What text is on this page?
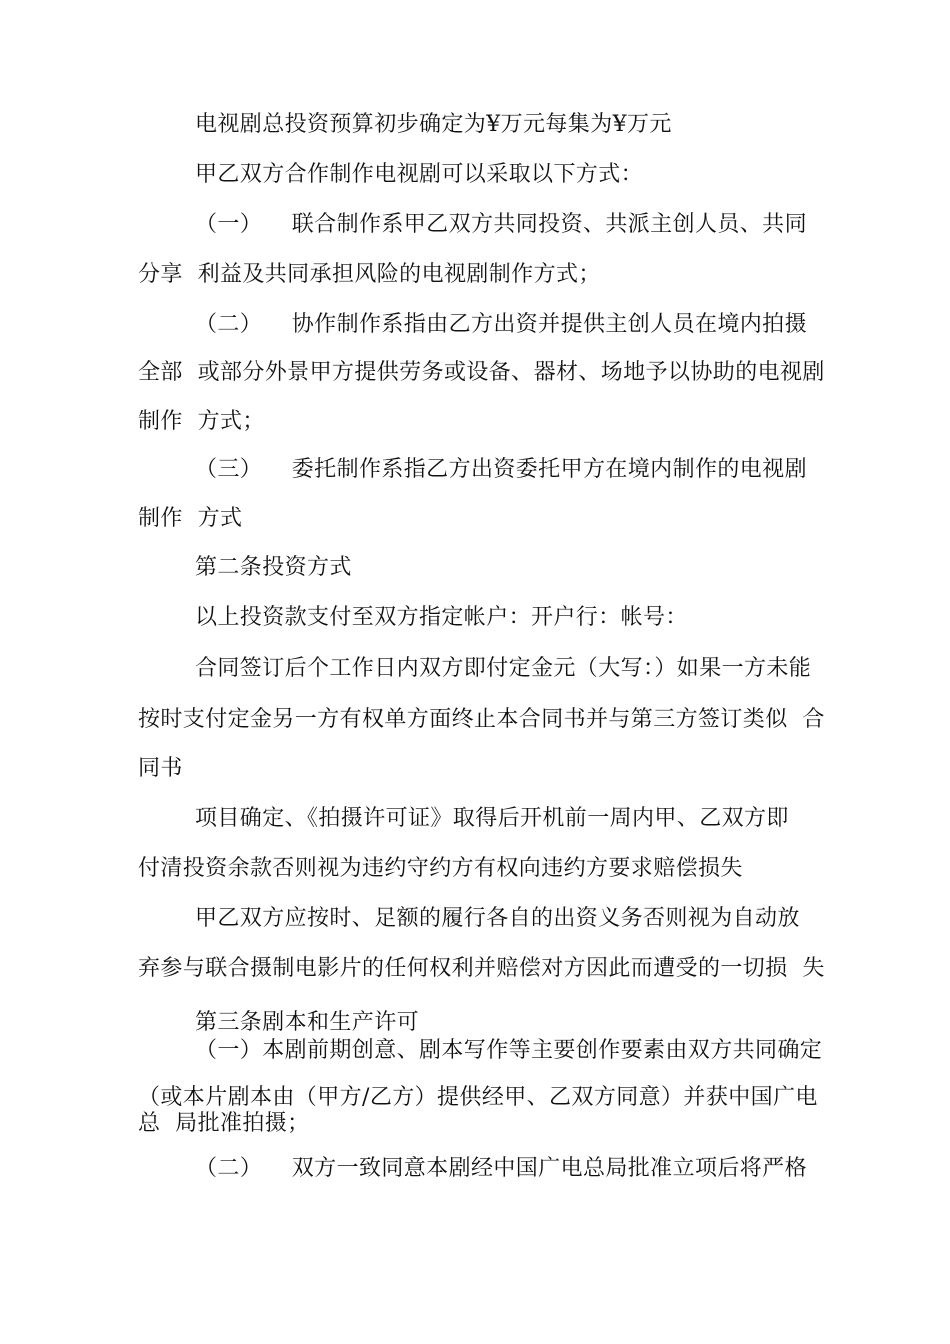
电视剧总投资预算初步确定为¥万元每集为¥万元
甲乙双方合作制作电视剧可以采取以下方式：
（一）    联合制作系甲乙双方共同投资、共派主创人员、共同
分享  利益及共同承担风险的电视剧制作方式；
（二）    协作制作系指由乙方出资并提供主创人员在境内拍摄
全部  或部分外景甲方提供劳务或设备、器材、场地予以协助的电视剧
制作  方式；
（三）    委托制作系指乙方出资委托甲方在境内制作的电视剧
制作  方式
第二条投资方式
以上投资款支付至双方指定帐户：开户行：帐号：
合同签订后个工作日内双方即付定金元（大写：）如果一方未能
按时支付定金另一方有权单方面终止本合同书并与第三方签订类似  合
同书
项目确定、《拍摄许可证》取得后开机前一周内甲、乙双方即
付清投资余款否则视为违约守约方有权向违约方要求赔偿损失
甲乙双方应按时、足额的履行各自的出资义务否则视为自动放
弃参与联合摄制电影片的任何权利并赔偿对方因此而遭受的一切损  失
第三条剧本和生产许可
（一）本剧前期创意、剧本写作等主要创作要素由双方共同确定
（或本片剧本由（甲方/乙方）提供经甲、乙双方同意）并获中国广电
总  局批准拍摄；
（二）    双方一致同意本剧经中国广电总局批准立项后将严格
